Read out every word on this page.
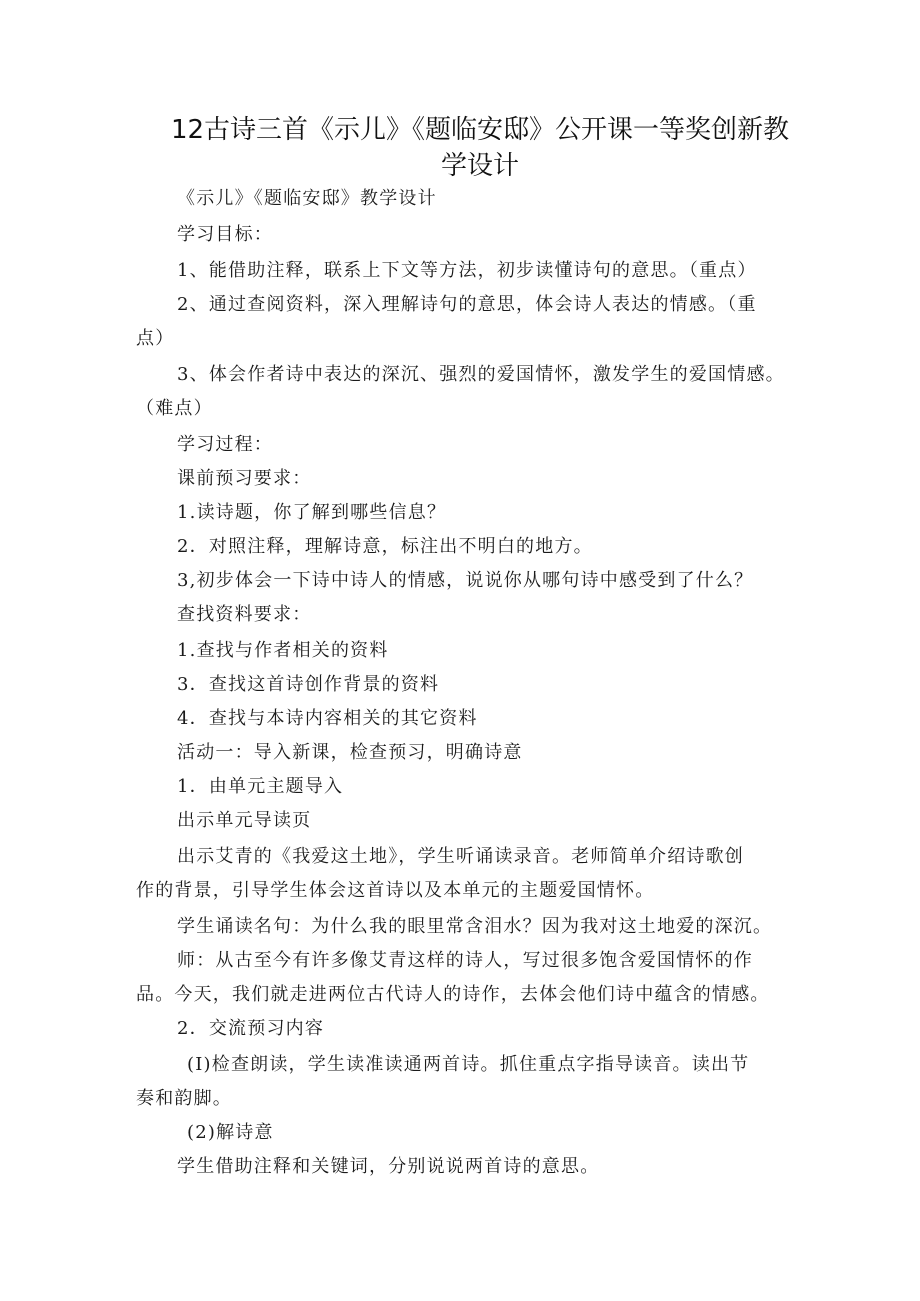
12古诗三首《示儿》《题临安邸》公开课一等奖创新教
学设计
《示儿》《题临安邸》教学设计
学习目标：
1、能借助注释，联系上下文等方法，初步读懂诗句的意思。（重点）
2、通过查阅资料，深入理解诗句的意思，体会诗人表达的情感。（重
点）
3、体会作者诗中表达的深沉、强烈的爱国情怀，激发学生的爱国情感。
（难点）
学习过程：
课前预习要求：
1.读诗题，你了解到哪些信息？
2．对照注释，理解诗意，标注出不明白的地方。
3,初步体会一下诗中诗人的情感，说说你从哪句诗中感受到了什么？
查找资料要求：
1.查找与作者相关的资料
3．查找这首诗创作背景的资料
4．查找与本诗内容相关的其它资料
活动一：导入新课，检查预习，明确诗意
1．由单元主题导入
出示单元导读页
出示艾青的《我爱这土地》，学生听诵读录音。老师简单介绍诗歌创
作的背景，引导学生体会这首诗以及本单元的主题爱国情怀。
学生诵读名句：为什么我的眼里常含泪水？因为我对这土地爱的深沉。
师：从古至今有许多像艾青这样的诗人，写过很多饱含爱国情怀的作
品。今天，我们就走进两位古代诗人的诗作，去体会他们诗中蕴含的情感。
2．交流预习内容
(I)检查朗读，学生读准读通两首诗。抓住重点字指导读音。读出节
奏和韵脚。
(2)解诗意
学生借助注释和关键词，分别说说两首诗的意思。
